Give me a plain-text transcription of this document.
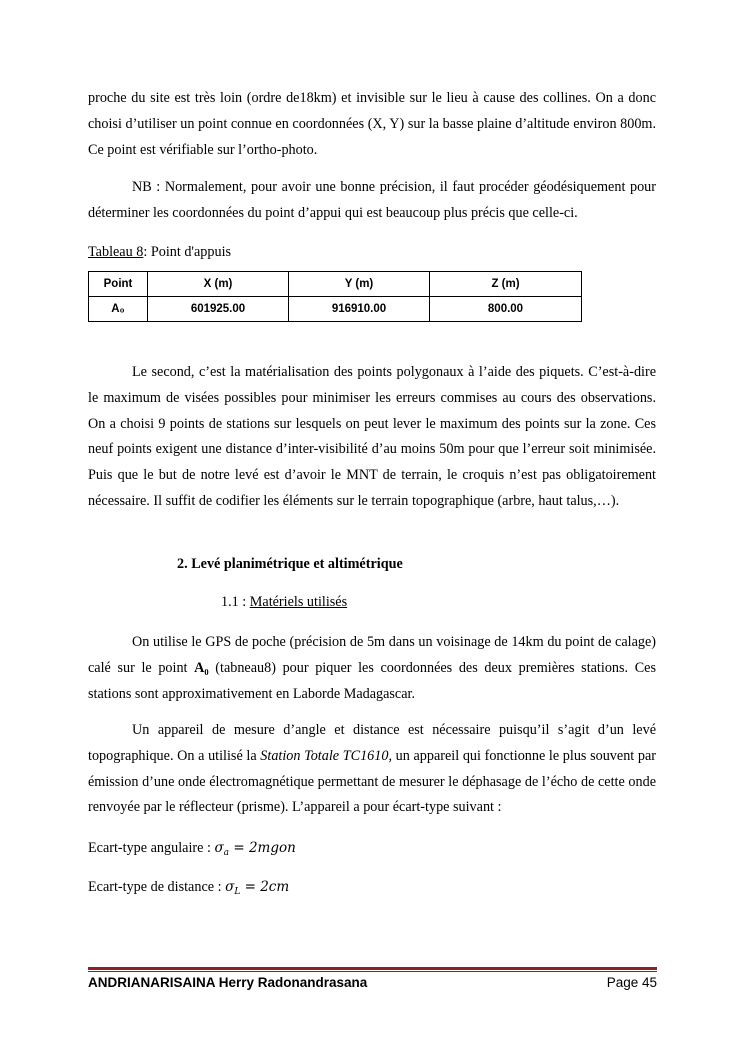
proche du site est très loin (ordre de18km) et invisible sur le lieu à cause des collines. On a donc choisi d’utiliser un point connue en coordonnées (X, Y) sur la basse plaine d’altitude environ 800m. Ce point est vérifiable sur l’ortho-photo.
NB : Normalement, pour avoir une bonne précision, il faut procéder géodésiquement pour déterminer les coordonnées du point d’appui qui est beaucoup plus précis que celle-ci.
Tableau 8: Point d'appuis
Point	X (m)	Y (m)	Z (m)
A₀	601925.00	916910.00	800.00
Le second, c’est la matérialisation des points polygonaux à l’aide des piquets. C’est-à-dire le maximum de visées possibles pour minimiser les erreurs commises au cours des observations. On a choisi 9 points de stations sur lesquels on peut lever le maximum des points sur la zone. Ces neuf points exigent une distance d’inter-visibilité d’au moins 50m pour que l’erreur soit minimisée. Puis que le but de notre levé est d’avoir le MNT de terrain, le croquis n’est pas obligatoirement nécessaire. Il suffit de codifier les éléments sur le terrain topographique (arbre, haut talus,…).
2. Levé planimétrique et altimétrique
1.1 : Matériels utilisés
On utilise le GPS de poche (précision de 5m dans un voisinage de 14km du point de calage) calé sur le point A₀ (tabneau8) pour piquer les coordonnées des deux premières stations. Ces stations sont approximativement en Laborde Madagascar.
Un appareil de mesure d’angle et distance est nécessaire puisqu’il s’agit d’un levé topographique. On a utilisé la Station Totale TC1610, un appareil qui fonctionne le plus souvent par émission d’une onde électromagnétique permettant de mesurer le déphasage de l’écho de cette onde renvoyée par le réflecteur (prisme). L’appareil a pour écart-type suivant :
Ecart-type angulaire : $\sigma_a$ = 2mgon
Ecart-type de distance : $\sigma_L = 2cm$
ANDRIANARISAINA Herry Radonandrasana	Page 45
